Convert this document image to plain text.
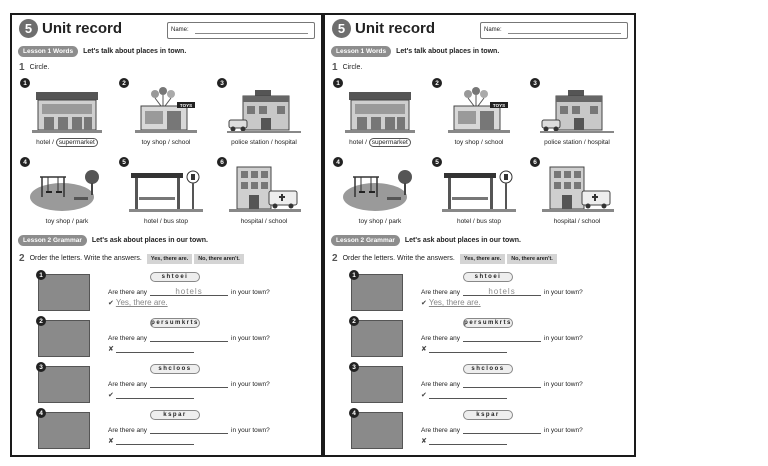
5 Unit record	Name:
Lesson 1 Words	Let's talk about places in town.
1 Circle.
1
hotel / supermarket
TOYS
2
toy shop / school
3
police station / hospital
4
toy shop / park
5
hotel / bus stop
6
hospital / school
Lesson 2 Grammar	Let's ask about places in our town.
2 Order the letters. Write the answers.	Yes, there are.	No, there aren't.
1	shtoei
Are there any	hotels	in your town?
✔ Yes, there are.
2	persumkrts
Are there any	in your town?
✘
3	shcloos
Are there any	in your town?
✔
4	kspar
Are there any	in your town?
✘
5 Unit record	Name:
Lesson 1 Words	Let's talk about places in town.
1 Circle.
1
hotel / supermarket
TOYS
2
toy shop / school
3
police station / hospital
4
toy shop / park
5
hotel / bus stop
6
hospital / school
Lesson 2 Grammar	Let's ask about places in our town.
2 Order the letters. Write the answers.	Yes, there are.	No, there aren't.
1	shtoei
Are there any	hotels	in your town?
✔ Yes, there are.
2	persumkrts
Are there any	in your town?
✘
3	shcloos
Are there any	in your town?
✔
4	kspar
Are there any	in your town?
✘
